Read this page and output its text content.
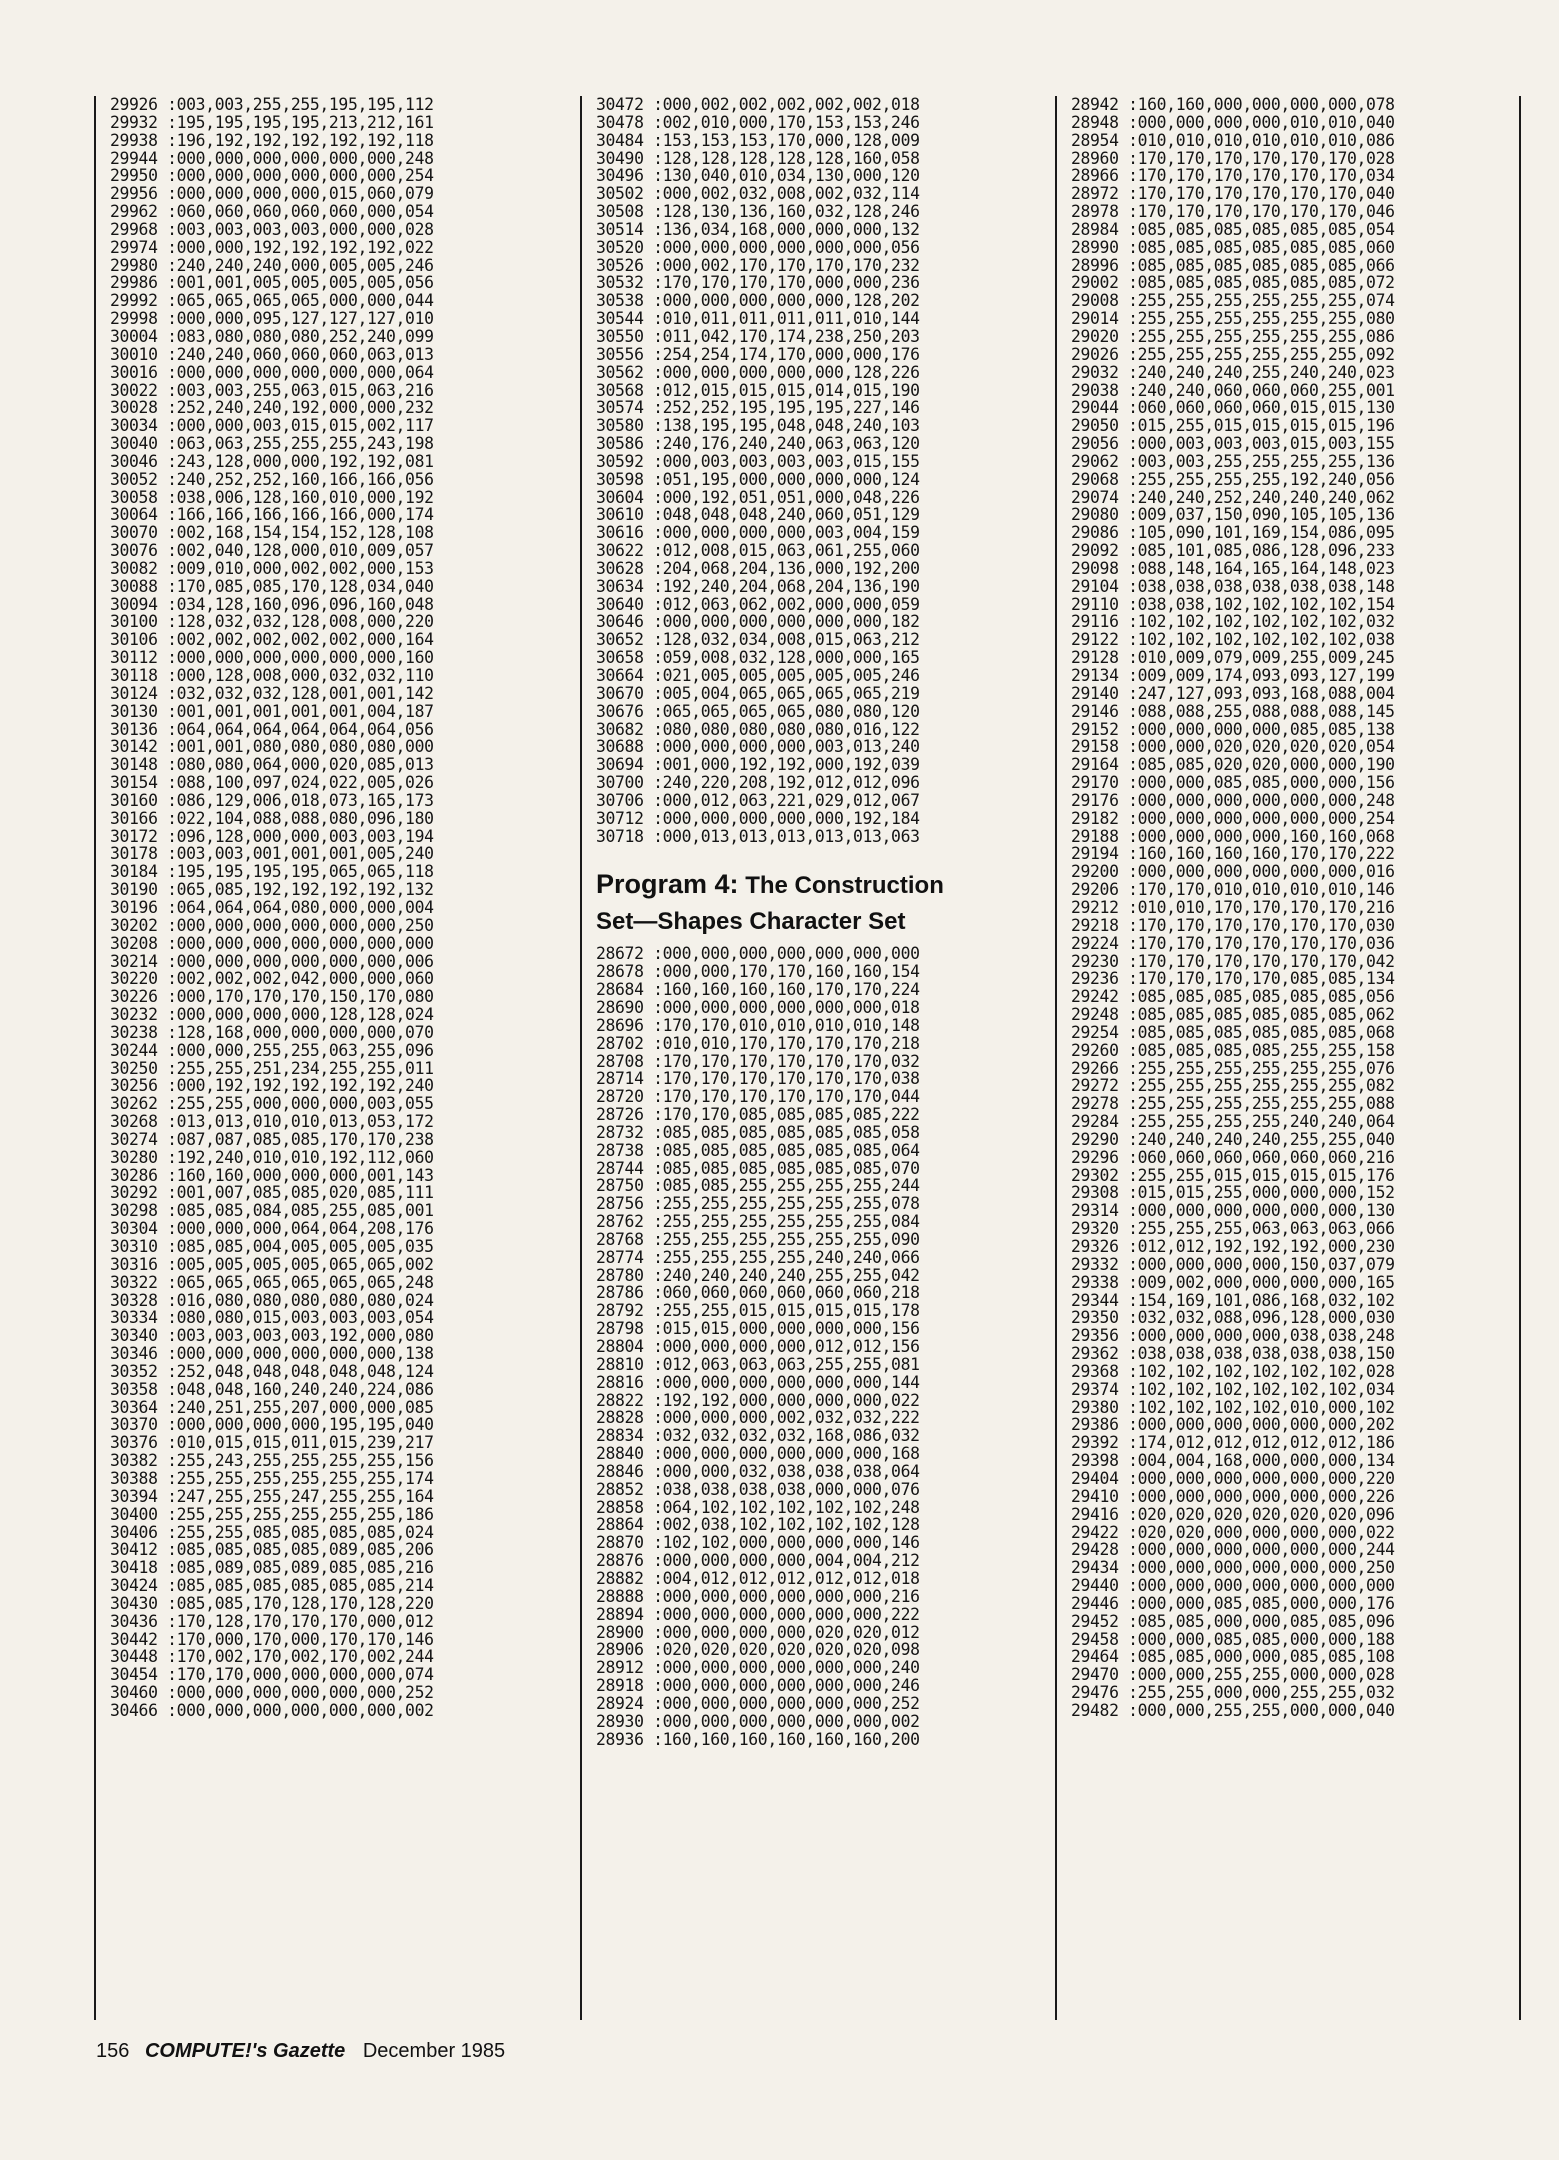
29926 :003,003,255,255,195,195,112
29932 :195,195,195,195,213,212,161
29938 :196,192,192,192,192,192,118
29944 :000,000,000,000,000,000,248
29950 :000,000,000,000,000,000,254
29956 :000,000,000,000,015,060,079
29962 :060,060,060,060,060,000,054
29968 :003,003,003,003,000,000,028
29974 :000,000,192,192,192,192,022
29980 :240,240,240,000,005,005,246
29986 :001,001,005,005,005,005,056
29992 :065,065,065,065,000,000,044
29998 :000,000,095,127,127,127,010
30004 :083,080,080,080,252,240,099
30010 :240,240,060,060,060,063,013
30016 :000,000,000,000,000,000,064
30022 :003,003,255,063,015,063,216
30028 :252,240,240,192,000,000,232
30034 :000,000,003,015,015,002,117
30040 :063,063,255,255,255,243,198
30046 :243,128,000,000,192,192,081
30052 :240,252,252,160,166,166,056
30058 :038,006,128,160,010,000,192
30064 :166,166,166,166,166,000,174
30070 :002,168,154,154,152,128,108
30076 :002,040,128,000,010,009,057
30082 :009,010,000,002,002,000,153
30088 :170,085,085,170,128,034,040
30094 :034,128,160,096,096,160,048
30100 :128,032,032,128,008,000,220
30106 :002,002,002,002,002,000,164
30112 :000,000,000,000,000,000,160
30118 :000,128,008,000,032,032,110
30124 :032,032,032,128,001,001,142
30130 :001,001,001,001,001,004,187
30136 :064,064,064,064,064,064,056
30142 :001,001,080,080,080,080,000
30148 :080,080,064,000,020,085,013
30154 :088,100,097,024,022,005,026
30160 :086,129,006,018,073,165,173
30166 :022,104,088,088,080,096,180
30172 :096,128,000,000,003,003,194
30178 :003,003,001,001,001,005,240
30184 :195,195,195,195,065,065,118
30190 :065,085,192,192,192,192,132
30196 :064,064,064,080,000,000,004
30202 :000,000,000,000,000,000,250
30208 :000,000,000,000,000,000,000
30214 :000,000,000,000,000,000,006
30220 :002,002,002,042,000,000,060
30226 :000,170,170,170,150,170,080
30232 :000,000,000,000,128,128,024
30238 :128,168,000,000,000,000,070
30244 :000,000,255,255,063,255,096
30250 :255,255,251,234,255,255,011
30256 :000,192,192,192,192,192,240
30262 :255,255,000,000,000,003,055
30268 :013,013,010,010,013,053,172
30274 :087,087,085,085,170,170,238
30280 :192,240,010,010,192,112,060
30286 :160,160,000,000,000,001,143
30292 :001,007,085,085,020,085,111
30298 :085,085,084,085,255,085,001
30304 :000,000,000,064,064,208,176
30310 :085,085,004,005,005,005,035
30316 :005,005,005,005,065,065,002
30322 :065,065,065,065,065,065,248
30328 :016,080,080,080,080,080,024
30334 :080,080,015,003,003,003,054
30340 :003,003,003,003,192,000,080
30346 :000,000,000,000,000,000,138
30352 :252,048,048,048,048,048,124
30358 :048,048,160,240,240,224,086
30364 :240,251,255,207,000,000,085
30370 :000,000,000,000,195,195,040
30376 :010,015,015,011,015,239,217
30382 :255,243,255,255,255,255,156
30388 :255,255,255,255,255,255,174
30394 :247,255,255,247,255,255,164
30400 :255,255,255,255,255,255,186
30406 :255,255,085,085,085,085,024
30412 :085,085,085,085,089,085,206
30418 :085,089,085,089,085,085,216
30424 :085,085,085,085,085,085,214
30430 :085,085,170,128,170,128,220
30436 :170,128,170,170,170,000,012
30442 :170,000,170,000,170,170,146
30448 :170,002,170,002,170,002,244
30454 :170,170,000,000,000,000,074
30460 :000,000,000,000,000,000,252
30466 :000,000,000,000,000,000,002
30472 :000,002,002,002,002,002,018
30478 :002,010,000,170,153,153,246
30484 :153,153,153,170,000,128,009
30490 :128,128,128,128,128,160,058
30496 :130,040,010,034,130,000,120
30502 :000,002,032,008,002,032,114
30508 :128,130,136,160,032,128,246
30514 :136,034,168,000,000,000,132
30520 :000,000,000,000,000,000,056
30526 :000,002,170,170,170,170,232
30532 :170,170,170,170,000,000,236
30538 :000,000,000,000,000,128,202
30544 :010,011,011,011,011,010,144
30550 :011,042,170,174,238,250,203
30556 :254,254,174,170,000,000,176
30562 :000,000,000,000,000,128,226
30568 :012,015,015,015,014,015,190
30574 :252,252,195,195,195,227,146
30580 :138,195,195,048,048,240,103
30586 :240,176,240,240,063,063,120
30592 :000,003,003,003,003,015,155
30598 :051,195,000,000,000,000,124
30604 :000,192,051,051,000,048,226
30610 :048,048,048,240,060,051,129
30616 :000,000,000,000,003,004,159
30622 :012,008,015,063,061,255,060
30628 :204,068,204,136,000,192,200
30634 :192,240,204,068,204,136,190
30640 :012,063,062,002,000,000,059
30646 :000,000,000,000,000,000,182
30652 :128,032,034,008,015,063,212
30658 :059,008,032,128,000,000,165
30664 :021,005,005,005,005,005,246
30670 :005,004,065,065,065,065,219
30676 :065,065,065,065,080,080,120
30682 :080,080,080,080,080,016,122
30688 :000,000,000,000,003,013,240
30694 :001,000,192,192,000,192,039
30700 :240,220,208,192,012,012,096
30706 :000,012,063,221,029,012,067
30712 :000,000,000,000,000,192,184
30718 :000,013,013,013,013,013,063
Program 4: The Construction
Set—Shapes Character Set
28672 :000,000,000,000,000,000,000
28678 :000,000,170,170,160,160,154
28684 :160,160,160,160,170,170,224
28690 :000,000,000,000,000,000,018
28696 :170,170,010,010,010,010,148
28702 :010,010,170,170,170,170,218
28708 :170,170,170,170,170,170,032
28714 :170,170,170,170,170,170,038
28720 :170,170,170,170,170,170,044
28726 :170,170,085,085,085,085,222
28732 :085,085,085,085,085,085,058
28738 :085,085,085,085,085,085,064
28744 :085,085,085,085,085,085,070
28750 :085,085,255,255,255,255,244
28756 :255,255,255,255,255,255,078
28762 :255,255,255,255,255,255,084
28768 :255,255,255,255,255,255,090
28774 :255,255,255,255,240,240,066
28780 :240,240,240,240,255,255,042
28786 :060,060,060,060,060,060,218
28792 :255,255,015,015,015,015,178
28798 :015,015,000,000,000,000,156
28804 :000,000,000,000,012,012,156
28810 :012,063,063,063,255,255,081
28816 :000,000,000,000,000,000,144
28822 :192,192,000,000,000,000,022
28828 :000,000,000,002,032,032,222
28834 :032,032,032,032,168,086,032
28840 :000,000,000,000,000,000,168
28846 :000,000,032,038,038,038,064
28852 :038,038,038,038,000,000,076
28858 :064,102,102,102,102,102,248
28864 :002,038,102,102,102,102,128
28870 :102,102,000,000,000,000,146
28876 :000,000,000,000,004,004,212
28882 :004,012,012,012,012,012,018
28888 :000,000,000,000,000,000,216
28894 :000,000,000,000,000,000,222
28900 :000,000,000,000,020,020,012
28906 :020,020,020,020,020,020,098
28912 :000,000,000,000,000,000,240
28918 :000,000,000,000,000,000,246
28924 :000,000,000,000,000,000,252
28930 :000,000,000,000,000,000,002
28936 :160,160,160,160,160,160,200
28942 :160,160,000,000,000,000,078
28948 :000,000,000,000,010,010,040
28954 :010,010,010,010,010,010,086
28960 :170,170,170,170,170,170,028
28966 :170,170,170,170,170,170,034
28972 :170,170,170,170,170,170,040
28978 :170,170,170,170,170,170,046
28984 :085,085,085,085,085,085,054
28990 :085,085,085,085,085,085,060
28996 :085,085,085,085,085,085,066
29002 :085,085,085,085,085,085,072
29008 :255,255,255,255,255,255,074
29014 :255,255,255,255,255,255,080
29020 :255,255,255,255,255,255,086
29026 :255,255,255,255,255,255,092
29032 :240,240,240,255,240,240,023
29038 :240,240,060,060,060,255,001
29044 :060,060,060,060,015,015,130
29050 :015,255,015,015,015,015,196
29056 :000,003,003,003,015,003,155
29062 :003,003,255,255,255,255,136
29068 :255,255,255,255,192,240,056
29074 :240,240,252,240,240,240,062
29080 :009,037,150,090,105,105,136
29086 :105,090,101,169,154,086,095
29092 :085,101,085,086,128,096,233
29098 :088,148,164,165,164,148,023
29104 :038,038,038,038,038,038,148
29110 :038,038,102,102,102,102,154
29116 :102,102,102,102,102,102,032
29122 :102,102,102,102,102,102,038
29128 :010,009,079,009,255,009,245
29134 :009,009,174,093,093,127,199
29140 :247,127,093,093,168,088,004
29146 :088,088,255,088,088,088,145
29152 :000,000,000,000,085,085,138
29158 :000,000,020,020,020,020,054
29164 :085,085,020,020,000,000,190
29170 :000,000,085,085,000,000,156
29176 :000,000,000,000,000,000,248
29182 :000,000,000,000,000,000,254
29188 :000,000,000,000,160,160,068
29194 :160,160,160,160,170,170,222
29200 :000,000,000,000,000,000,016
29206 :170,170,010,010,010,010,146
29212 :010,010,170,170,170,170,216
29218 :170,170,170,170,170,170,030
29224 :170,170,170,170,170,170,036
29230 :170,170,170,170,170,170,042
29236 :170,170,170,170,085,085,134
29242 :085,085,085,085,085,085,056
29248 :085,085,085,085,085,085,062
29254 :085,085,085,085,085,085,068
29260 :085,085,085,085,255,255,158
29266 :255,255,255,255,255,255,076
29272 :255,255,255,255,255,255,082
29278 :255,255,255,255,255,255,088
29284 :255,255,255,255,240,240,064
29290 :240,240,240,240,255,255,040
29296 :060,060,060,060,060,060,216
29302 :255,255,015,015,015,015,176
29308 :015,015,255,000,000,000,152
29314 :000,000,000,000,000,000,130
29320 :255,255,255,063,063,063,066
29326 :012,012,192,192,192,000,230
29332 :000,000,000,000,150,037,079
29338 :009,002,000,000,000,000,165
29344 :154,169,101,086,168,032,102
29350 :032,032,088,096,128,000,030
29356 :000,000,000,000,038,038,248
29362 :038,038,038,038,038,038,150
29368 :102,102,102,102,102,102,028
29374 :102,102,102,102,102,102,034
29380 :102,102,102,102,010,000,102
29386 :000,000,000,000,000,000,202
29392 :174,012,012,012,012,012,186
29398 :004,004,168,000,000,000,134
29404 :000,000,000,000,000,000,220
29410 :000,000,000,000,000,000,226
29416 :020,020,020,020,020,020,096
29422 :020,020,000,000,000,000,022
29428 :000,000,000,000,000,000,244
29434 :000,000,000,000,000,000,250
29440 :000,000,000,000,000,000,000
29446 :000,000,085,085,000,000,176
29452 :085,085,000,000,085,085,096
29458 :000,000,085,085,000,000,188
29464 :085,085,000,000,085,085,108
29470 :000,000,255,255,000,000,028
29476 :255,255,000,000,255,255,032
29482 :000,000,255,255,000,000,040
156 COMPUTE!'s Gazette December 1985
